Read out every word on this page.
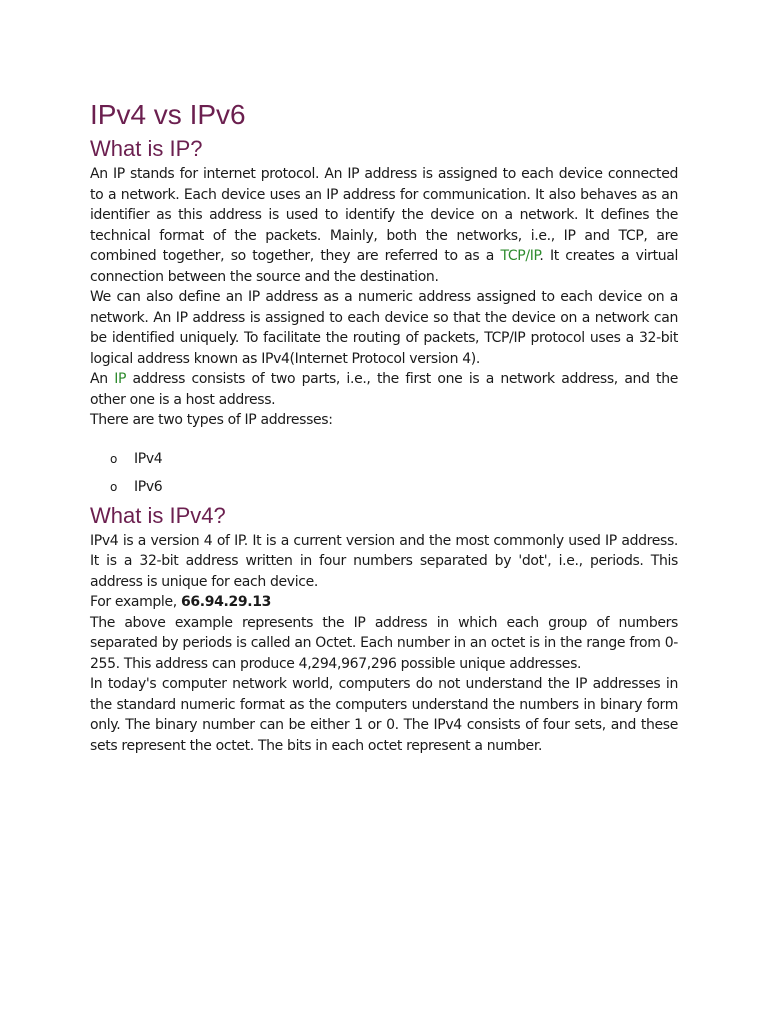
IPv4 vs IPv6
What is IP?

An IP stands for internet protocol. An IP address is assigned to each device connected to a network. Each device uses an IP address for communication. It also behaves as an identifier as this address is used to identify the device on a network. It defines the technical format of the packets. Mainly, both the networks, i.e., IP and TCP, are combined together, so together, they are referred to as a TCP/IP. It creates a virtual connection between the source and the destination.

We can also define an IP address as a numeric address assigned to each device on a network. An IP address is assigned to each device so that the device on a network can be identified uniquely. To facilitate the routing of packets, TCP/IP protocol uses a 32-bit logical address known as IPv4(Internet Protocol version 4).

An IP address consists of two parts, i.e., the first one is a network address, and the other one is a host address.

There are two types of IP addresses:

o IPv4
o IPv6
What is IPv4?

IPv4 is a version 4 of IP. It is a current version and the most commonly used IP address. It is a 32-bit address written in four numbers separated by 'dot', i.e., periods. This address is unique for each device.

For example, 66.94.29.13

The above example represents the IP address in which each group of numbers separated by periods is called an Octet. Each number in an octet is in the range from 0-255. This address can produce 4,294,967,296 possible unique addresses.

In today's computer network world, computers do not understand the IP addresses in the standard numeric format as the computers understand the numbers in binary form only. The binary number can be either 1 or 0. The IPv4 consists of four sets, and these sets represent the octet. The bits in each octet represent a number.
